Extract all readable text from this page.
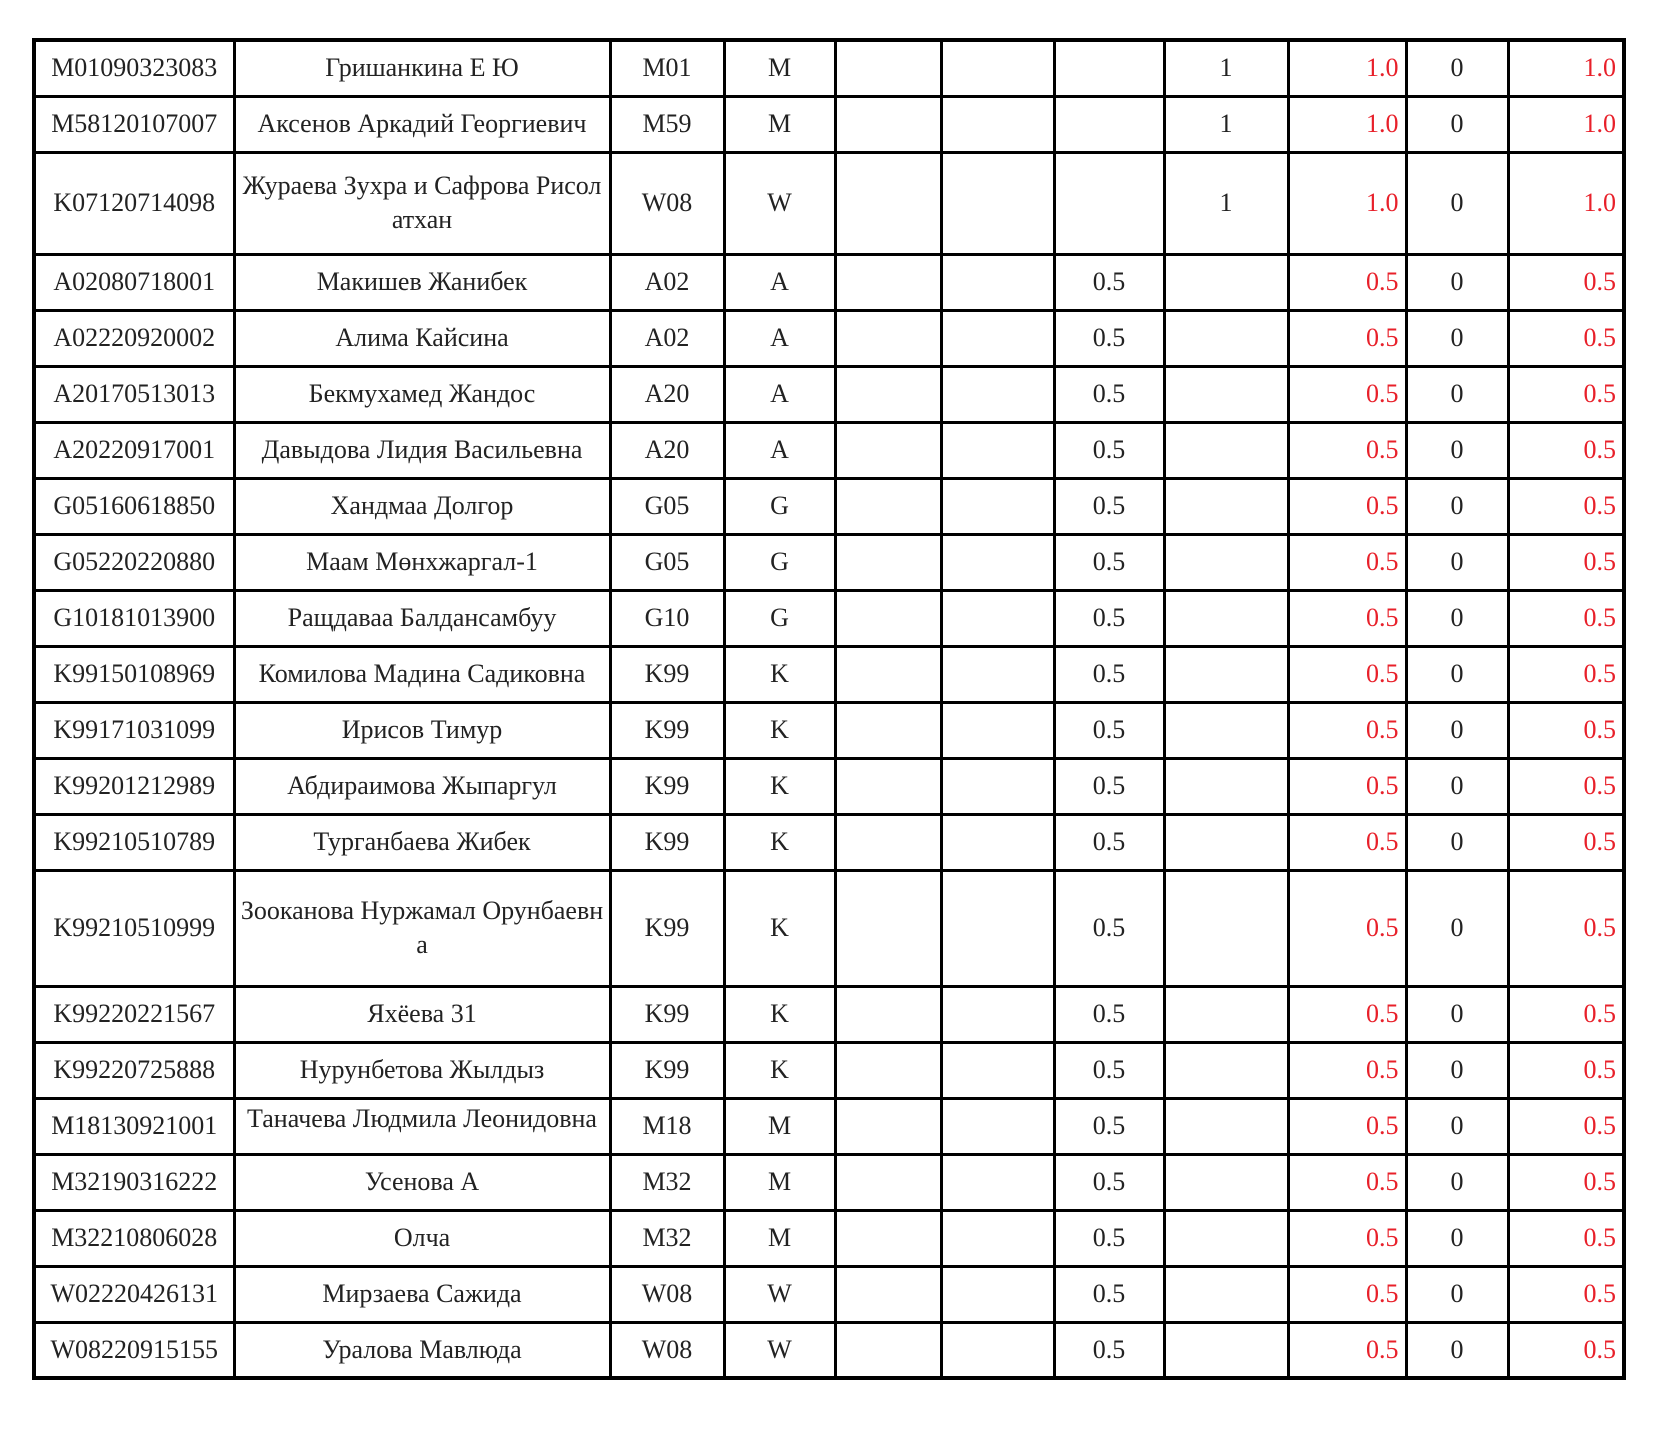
M01090323083	Гришанкина Е Ю	M01	M				1	1.0	0	1.0
M58120107007	Аксенов Аркадий Георгиевич	M59	M				1	1.0	0	1.0
K07120714098	Жураева Зухра и Сафрова Рисолатхан	W08	W				1	1.0	0	1.0
A02080718001	Макишев Жанибек	A02	A			0.5		0.5	0	0.5
A02220920002	Алима Кайсина	A02	A			0.5		0.5	0	0.5
A20170513013	Бекмухамед Жандос	A20	A			0.5		0.5	0	0.5
A20220917001	Давыдова Лидия Васильевна	A20	A			0.5		0.5	0	0.5
G05160618850	Хандмаа Долгор	G05	G			0.5		0.5	0	0.5
G05220220880	Маам Мөнхжаргал-1	G05	G			0.5		0.5	0	0.5
G10181013900	Ращдаваа Балдансамбуу	G10	G			0.5		0.5	0	0.5
K99150108969	Комилова Мадина Садиковна	K99	K			0.5		0.5	0	0.5
K99171031099	Ирисов Тимур	K99	K			0.5		0.5	0	0.5
K99201212989	Абдираимова Жыпаргул	K99	K			0.5		0.5	0	0.5
K99210510789	Турганбаева Жибек	K99	K			0.5		0.5	0	0.5
K99210510999	Зооканова Нуржамал Орунбаевна	K99	K			0.5		0.5	0	0.5
K99220221567	Яхёева 31	K99	K			0.5		0.5	0	0.5
K99220725888	Нурунбетова Жылдыз	K99	K			0.5		0.5	0	0.5
M18130921001	Таначева Людмила Леонидовна	M18	M			0.5		0.5	0	0.5
M32190316222	Усенова А	M32	M			0.5		0.5	0	0.5
M32210806028	Олча	M32	M			0.5		0.5	0	0.5
W02220426131	Мирзаева Сажида	W08	W			0.5		0.5	0	0.5
W08220915155	Уралова Мавлюда	W08	W			0.5		0.5	0	0.5
